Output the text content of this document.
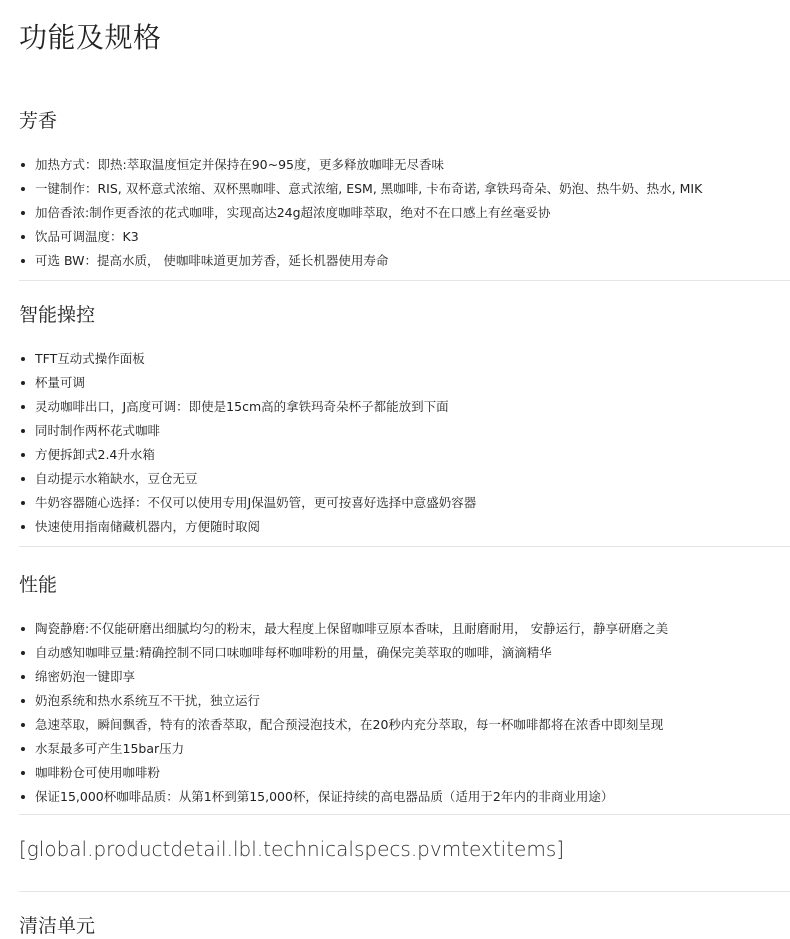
功能及规格
芳香
加热方式：即热:萃取温度恒定并保持在90~95度，更多释放咖啡无尽香味
一键制作：RIS, 双杯意式浓缩、双杯黑咖啡、意式浓缩, ESM, 黑咖啡, 卡布奇诺, 拿铁玛奇朵、奶泡、热牛奶、热水, MIK
加倍香浓:制作更香浓的花式咖啡，实现高达24g超浓度咖啡萃取，绝对不在口感上有丝毫妥协
饮品可调温度：K3
可选 BW：提高水质， 使咖啡味道更加芳香，延长机器使用寿命
智能操控
TFT互动式操作面板
杯量可调
灵动咖啡出口，J高度可调：即使是15cm高的拿铁玛奇朵杯子都能放到下面
同时制作两杯花式咖啡
方便拆卸式2.4升水箱
自动提示水箱缺水，豆仓无豆
牛奶容器随心选择：不仅可以使用专用J保温奶管，更可按喜好选择中意盛奶容器
快速使用指南储藏机器内，方便随时取阅
性能
陶瓷静磨:不仅能研磨出细腻均匀的粉末，最大程度上保留咖啡豆原本香味，且耐磨耐用， 安静运行，静享研磨之美
自动感知咖啡豆量:精确控制不同口味咖啡每杯咖啡粉的用量，确保完美萃取的咖啡，滴滴精华
绵密奶泡一键即享
奶泡系统和热水系统互不干扰，独立运行
急速萃取，瞬间飘香，特有的浓香萃取，配合预浸泡技术，在20秒内充分萃取，每一杯咖啡都将在浓香中即刻呈现
水泵最多可产生15bar压力
咖啡粉仓可使用咖啡粉
保证15,000杯咖啡品质：从第1杯到第15,000杯，保证持续的高电器品质（适用于2年内的非商业用途）

[global.productdetail.lbl.technicalspecs.pvmtextitems]

清洁单元
